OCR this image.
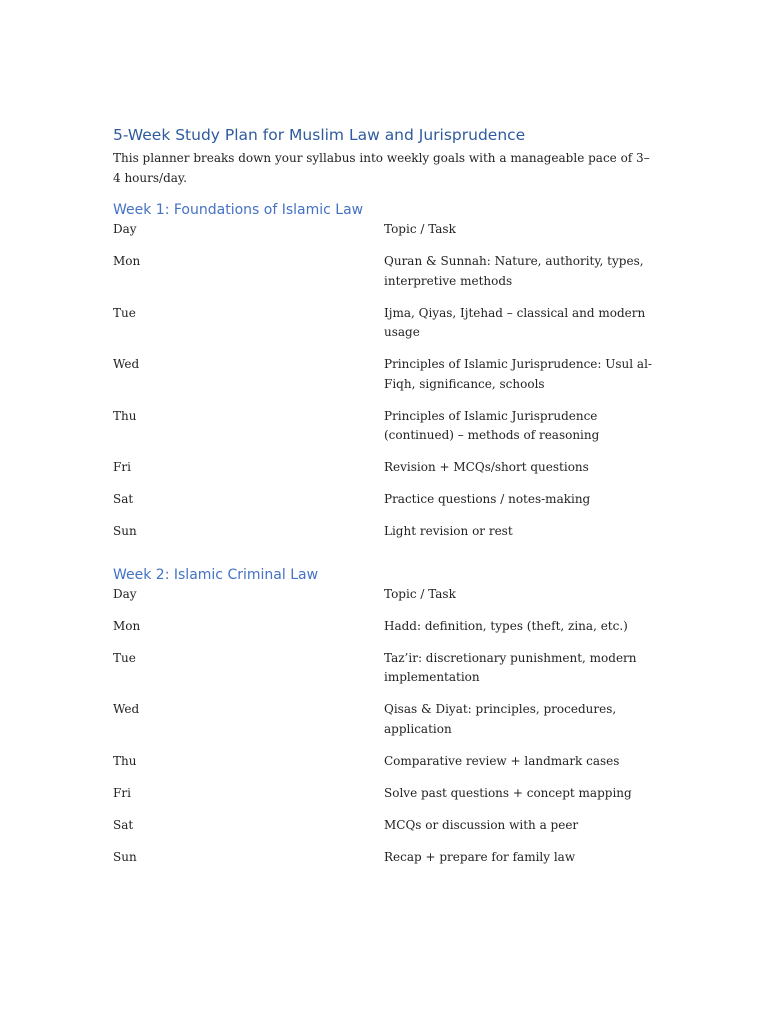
5-Week Study Plan for Muslim Law and Jurisprudence

This planner breaks down your syllabus into weekly goals with a manageable pace of 3–4 hours/day.

Week 1: Foundations of Islamic Law
Day	Topic / Task
Mon	Quran & Sunnah: Nature, authority, types, interpretive methods
Tue	Ijma, Qiyas, Ijtehad – classical and modern usage
Wed	Principles of Islamic Jurisprudence: Usul al-Fiqh, significance, schools
Thu	Principles of Islamic Jurisprudence (continued) – methods of reasoning
Fri	Revision + MCQs/short questions
Sat	Practice questions / notes-making
Sun	Light revision or rest
Week 2: Islamic Criminal Law
Day	Topic / Task
Mon	Hadd: definition, types (theft, zina, etc.)
Tue	Taz’ir: discretionary punishment, modern implementation
Wed	Qisas & Diyat: principles, procedures, application
Thu	Comparative review + landmark cases
Fri	Solve past questions + concept mapping
Sat	MCQs or discussion with a peer
Sun	Recap + prepare for family law
